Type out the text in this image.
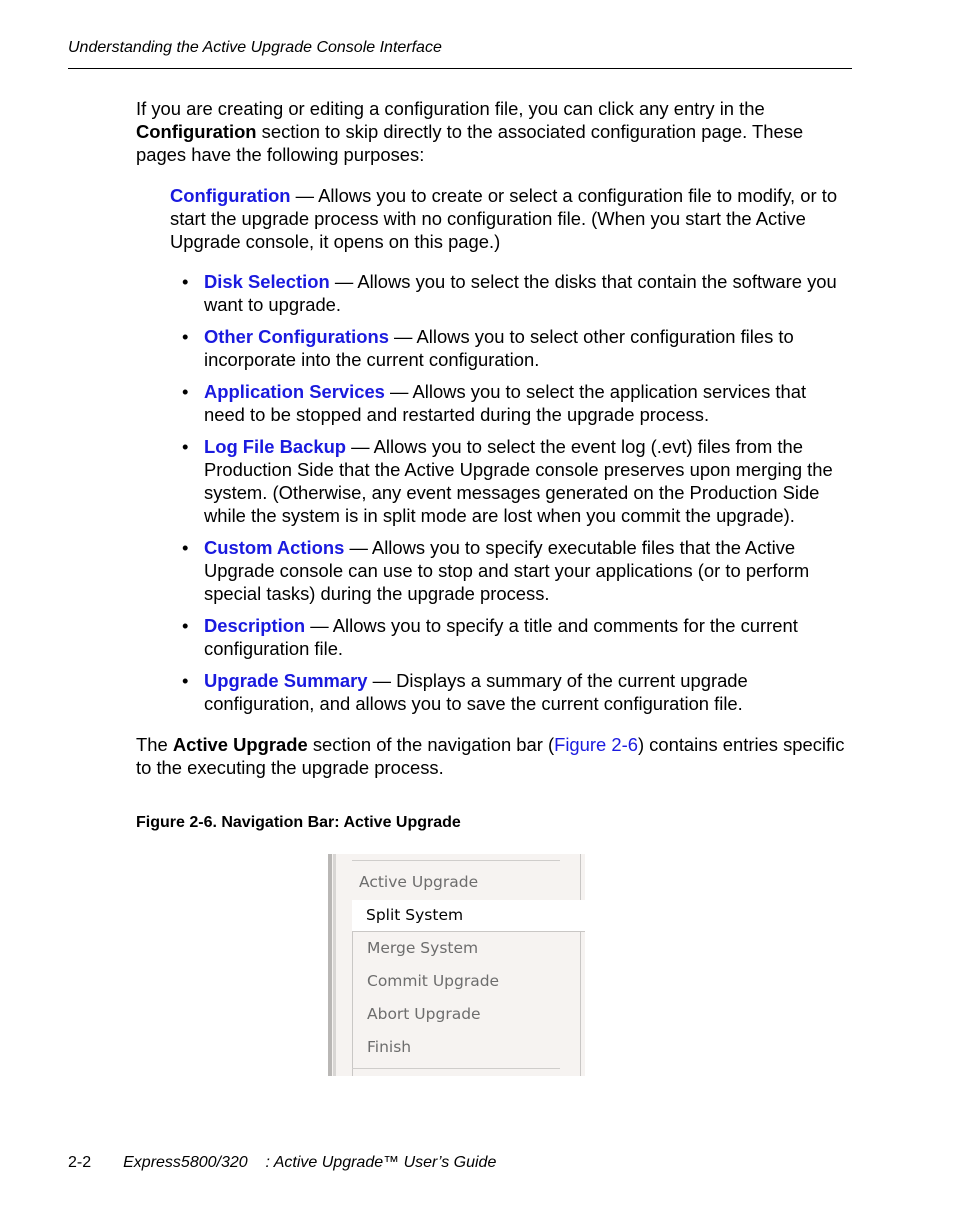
Understanding the Active Upgrade Console Interface

If you are creating or editing a configuration file, you can click any entry in the
Configuration section to skip directly to the associated configuration page. These pages have the following purposes:

Configuration — Allows you to create or select a configuration file to modify, or to start the upgrade process with no configuration file. (When you start the Active Upgrade console, it opens on this page.)

• Disk Selection — Allows you to select the disks that contain the software you want to upgrade.
• Other Configurations — Allows you to select other configuration files to incorporate into the current configuration.
• Application Services — Allows you to select the application services that need to be stopped and restarted during the upgrade process.
• Log File Backup — Allows you to select the event log (.evt) files from the Production Side that the Active Upgrade console preserves upon merging the system. (Otherwise, any event messages generated on the Production Side while the system is in split mode are lost when you commit the upgrade).
• Custom Actions — Allows you to specify executable files that the Active Upgrade console can use to stop and start your applications (or to perform special tasks) during the upgrade process.
• Description — Allows you to specify a title and comments for the current configuration file.
• Upgrade Summary — Displays a summary of the current upgrade configuration, and allows you to save the current configuration file.

The Active Upgrade section of the navigation bar (Figure 2-6) contains entries specific to the executing the upgrade process.

Figure 2-6. Navigation Bar: Active Upgrade
Active Upgrade
Split System
Merge System
Commit Upgrade
Abort Upgrade
Finish
2-2 Express5800/320    : Active Upgrade™ User’s Guide
